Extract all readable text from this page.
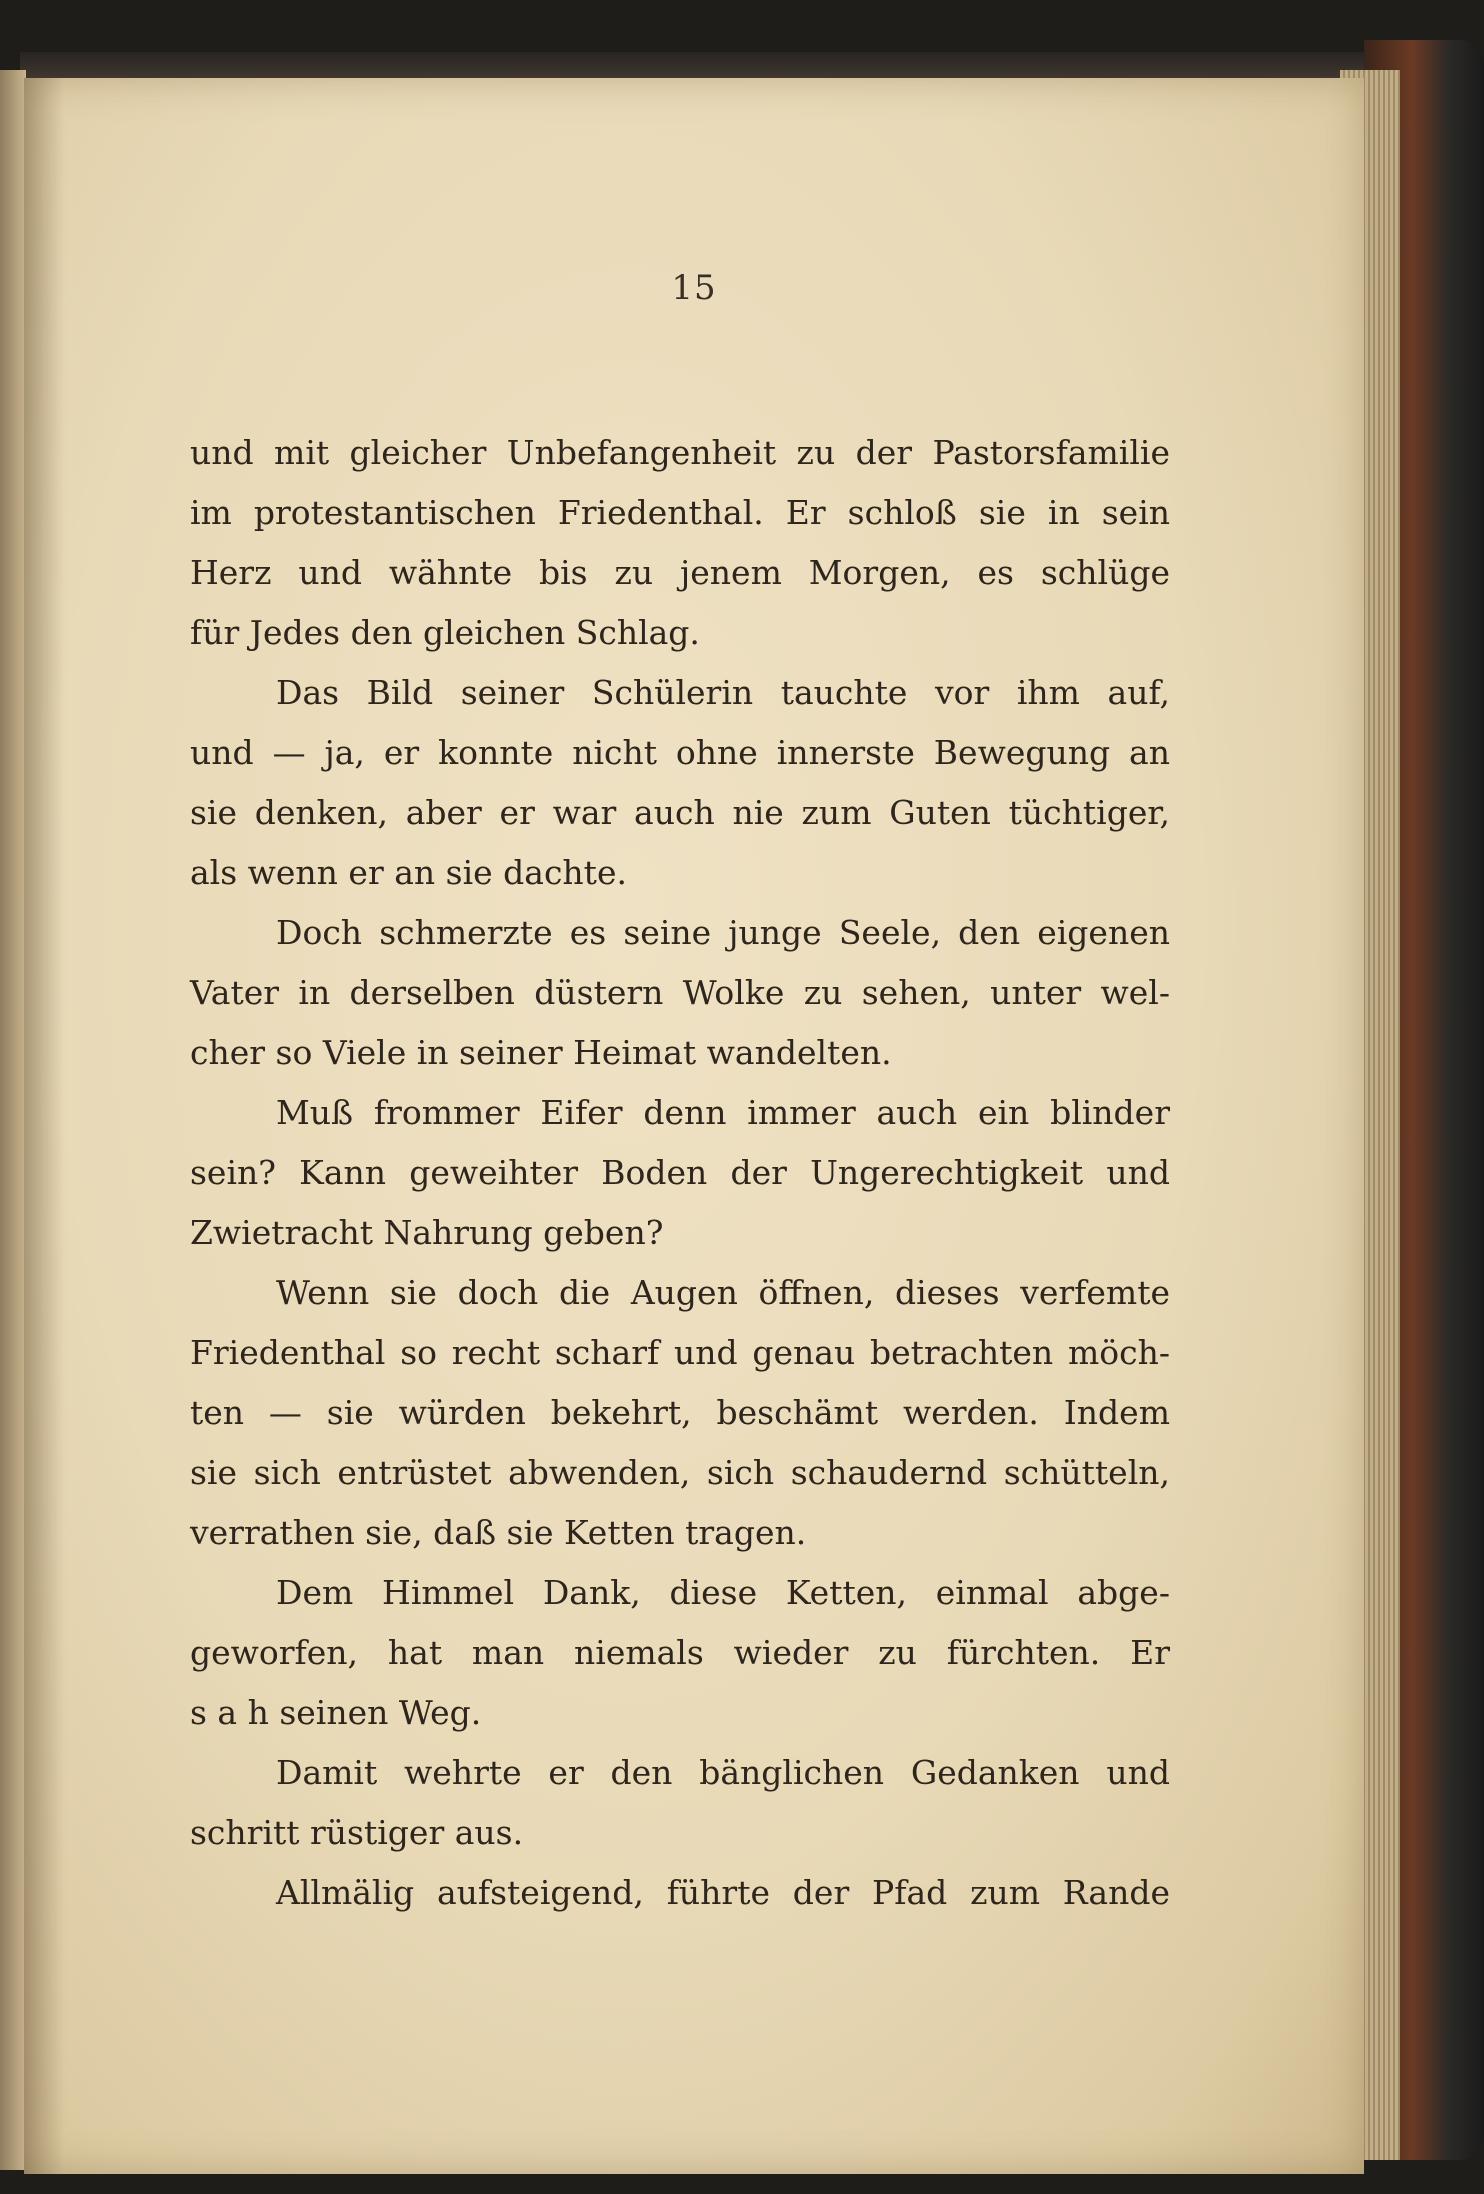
15
und mit gleicher Unbefangenheit zu der Pastorsfamilie
im protestantischen Friedenthal. Er schloß sie in sein
Herz und wähnte bis zu jenem Morgen, es schlüge
für Jedes den gleichen Schlag.
Das Bild seiner Schülerin tauchte vor ihm auf,
und — ja, er konnte nicht ohne innerste Bewegung an
sie denken, aber er war auch nie zum Guten tüchtiger,
als wenn er an sie dachte.
Doch schmerzte es seine junge Seele, den eigenen
Vater in derselben düstern Wolke zu sehen, unter wel-
cher so Viele in seiner Heimat wandelten.
Muß frommer Eifer denn immer auch ein blinder
sein? Kann geweihter Boden der Ungerechtigkeit und
Zwietracht Nahrung geben?
Wenn sie doch die Augen öffnen, dieses verfemte
Friedenthal so recht scharf und genau betrachten möch-
ten — sie würden bekehrt, beschämt werden. Indem
sie sich entrüstet abwenden, sich schaudernd schütteln,
verrathen sie, daß sie Ketten tragen.
Dem Himmel Dank, diese Ketten, einmal abge-
geworfen, hat man niemals wieder zu fürchten. Er
s a h seinen Weg.
Damit wehrte er den bänglichen Gedanken und
schritt rüstiger aus.
Allmälig aufsteigend, führte der Pfad zum Rande
